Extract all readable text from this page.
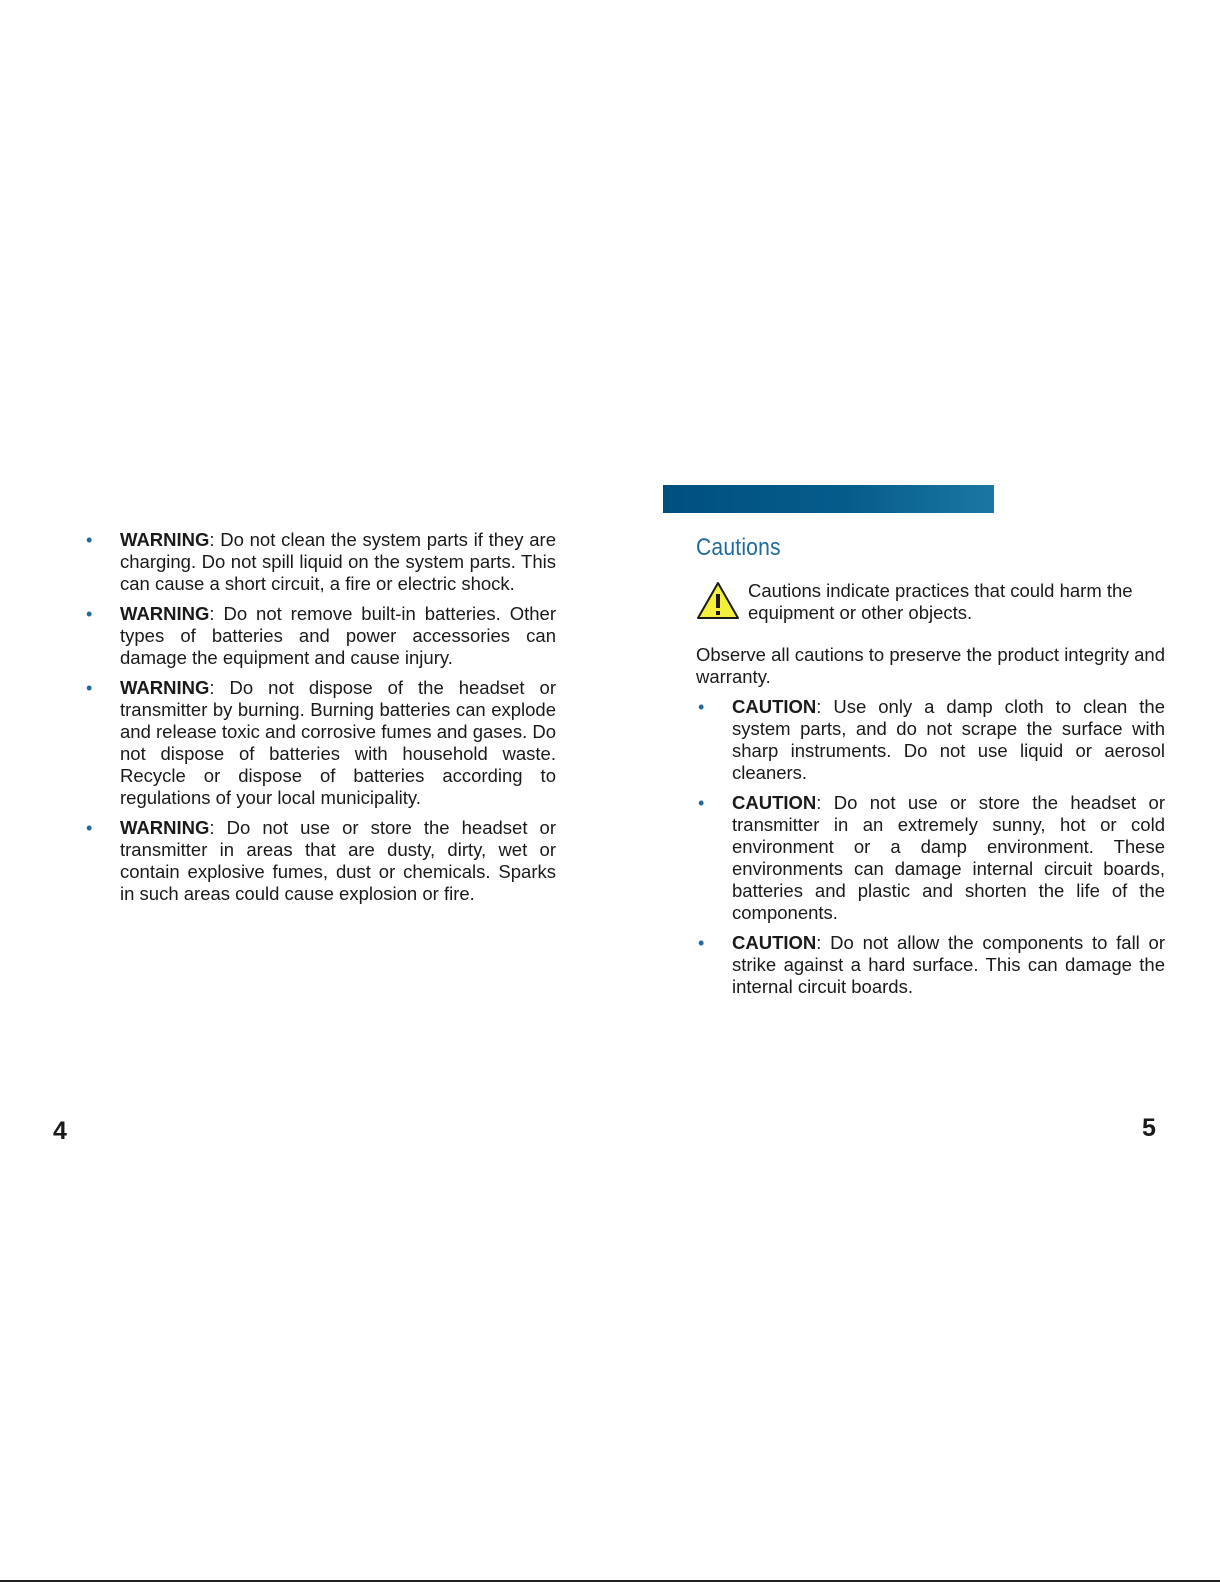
• WARNING: Do not clean the system parts if they are charging. Do not spill liquid on the system parts. This can cause a short circuit, a fire or electric shock.
• WARNING: Do not remove built-in batteries. Other types of batteries and power accessories can damage the equipment and cause injury.
• WARNING: Do not dispose of the headset or transmitter by burning. Burning batteries can explode and release toxic and corrosive fumes and gases. Do not dispose of batteries with household waste. Recycle or dispose of batteries according to regulations of your local municipality.
• WARNING: Do not use or store the headset or transmitter in areas that are dusty, dirty, wet or contain explosive fumes, dust or chemicals. Sparks in such areas could cause explosion or fire.
4
Cautions
Cautions indicate practices that could harm the equipment or other objects.

Observe all cautions to preserve the product integrity and warranty.

• CAUTION: Use only a damp cloth to clean the system parts, and do not scrape the surface with sharp instruments. Do not use liquid or aerosol cleaners.
• CAUTION: Do not use or store the headset or transmitter in an extremely sunny, hot or cold environment or a damp environment. These environments can damage internal circuit boards, batteries and plastic and shorten the life of the components.
• CAUTION: Do not allow the components to fall or strike against a hard surface. This can damage the internal circuit boards.
5
